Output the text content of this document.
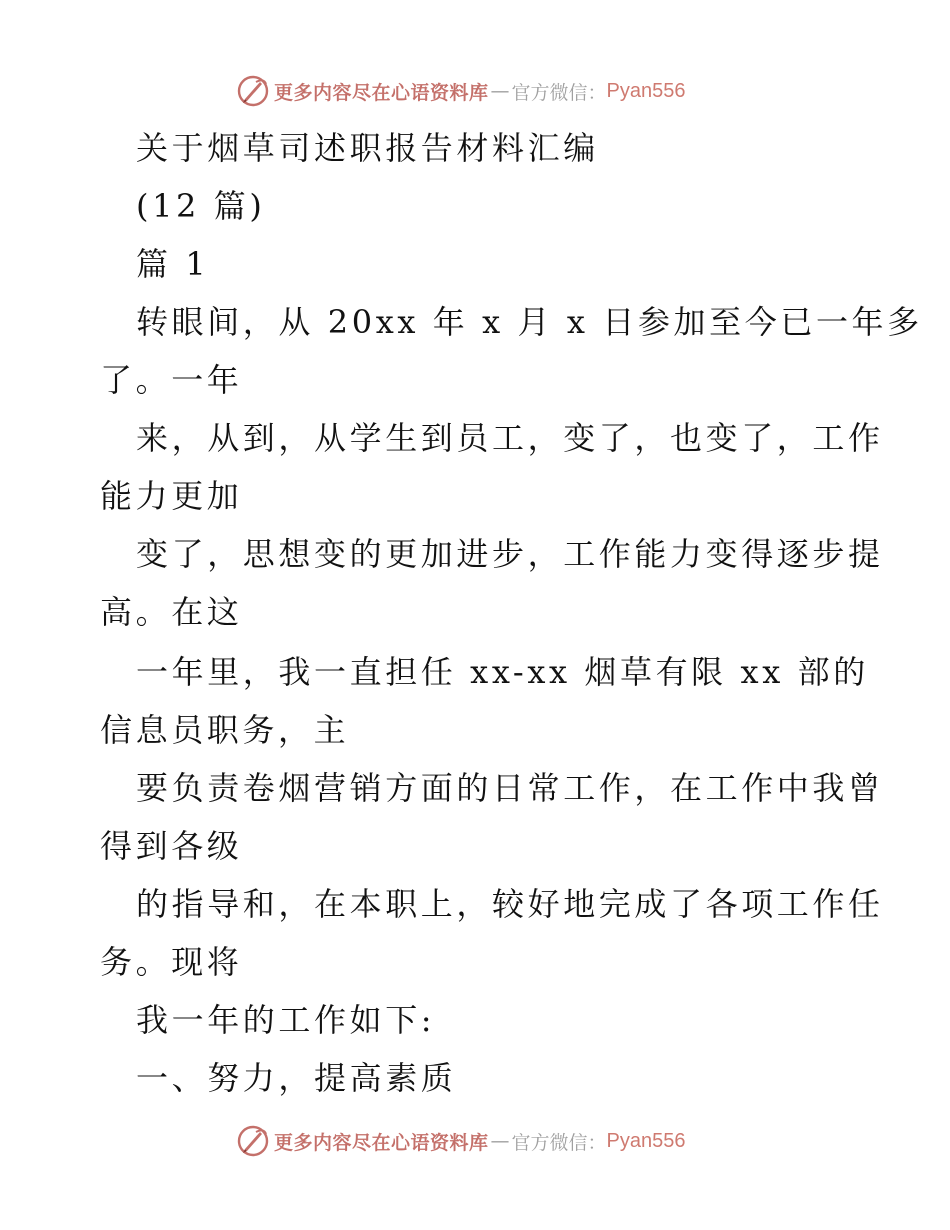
更多内容尽在心语资料库 — 官方微信： Pyan556
关于烟草司述职报告材料汇编
(12 篇)
篇 1
转眼间，从 20xx 年 x 月 x 日参加至今已一年多
了。一年
来，从到，从学生到员工，变了，也变了，工作
能力更加
变了，思想变的更加进步，工作能力变得逐步提
高。在这
一年里，我一直担任 xx-xx 烟草有限 xx 部的
信息员职务，主
要负责卷烟营销方面的日常工作，在工作中我曾
得到各级
的指导和，在本职上，较好地完成了各项工作任
务。现将
我一年的工作如下:
一、努力，提高素质
更多内容尽在心语资料库 — 官方微信： Pyan556
